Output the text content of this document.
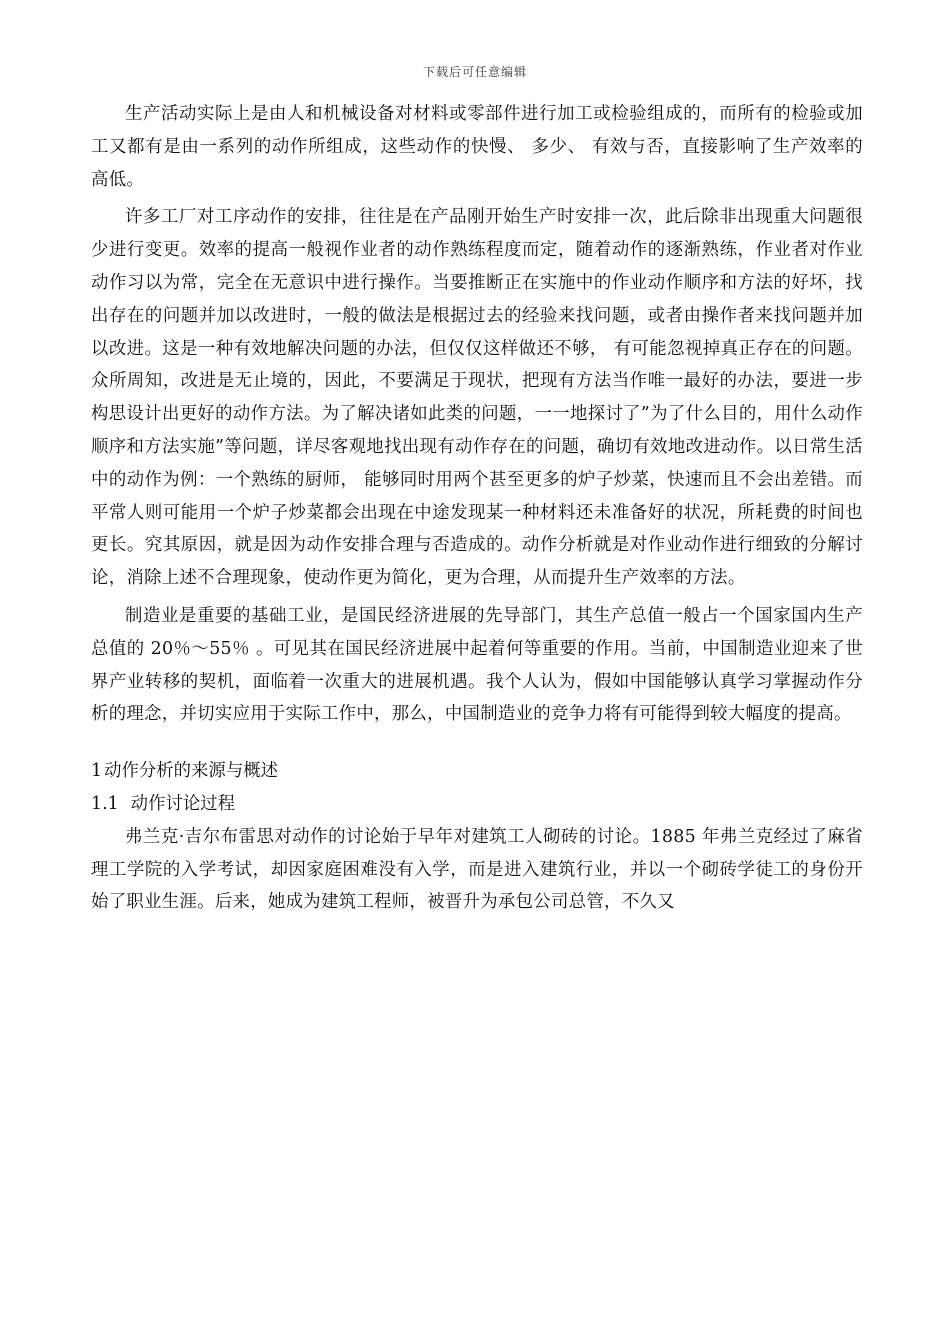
下载后可任意编辑

生产活动实际上是由人和机械设备对材料或零部件进行加工或检验组成的，而所有的检验或加工又都有是由一系列的动作所组成，这些动作的快慢、 多少、 有效与否，直接影响了生产效率的高低。

许多工厂对工序动作的安排，往往是在产品刚开始生产时安排一次，此后除非出现重大问题很少进行变更。效率的提高一般视作业者的动作熟练程度而定，随着动作的逐渐熟练，作业者对作业动作习以为常，完全在无意识中进行操作。当要推断正在实施中的作业动作顺序和方法的好坏，找出存在的问题并加以改进时，一般的做法是根据过去的经验来找问题，或者由操作者来找问题并加以改进。这是一种有效地解决问题的办法，但仅仅这样做还不够， 有可能忽视掉真正存在的问题。众所周知，改进是无止境的，因此，不要满足于现状，把现有方法当作唯一最好的办法，要进一步构思设计出更好的动作方法。为了解决诸如此类的问题，一一地探讨了”为了什么目的，用什么动作顺序和方法实施”等问题，详尽客观地找出现有动作存在的问题，确切有效地改进动作。以日常生活中的动作为例：一个熟练的厨师， 能够同时用两个甚至更多的炉子炒菜，快速而且不会出差错。而平常人则可能用一个炉子炒菜都会出现在中途发现某一种材料还未准备好的状况，所耗费的时间也更长。究其原因，就是因为动作安排合理与否造成的。动作分析就是对作业动作进行细致的分解讨论，消除上述不合理现象，使动作更为简化，更为合理，从而提升生产效率的方法。

制造业是重要的基础工业，是国民经济进展的先导部门，其生产总值一般占一个国家国内生产总值的 20％～55％ 。可见其在国民经济进展中起着何等重要的作用。当前，中国制造业迎来了世界产业转移的契机，面临着一次重大的进展机遇。我个人认为，假如中国能够认真学习掌握动作分析的理念，并切实应用于实际工作中，那么，中国制造业的竞争力将有可能得到较大幅度的提高。

1 动作分析的来源与概述

1.1 动作讨论过程

弗兰克·吉尔布雷思对动作的讨论始于早年对建筑工人砌砖的讨论。1885 年弗兰克经过了麻省理工学院的入学考试，却因家庭困难没有入学，而是进入建筑行业，并以一个砌砖学徒工的身份开始了职业生涯。后来，她成为建筑工程师，被晋升为承包公司总管，不久又
